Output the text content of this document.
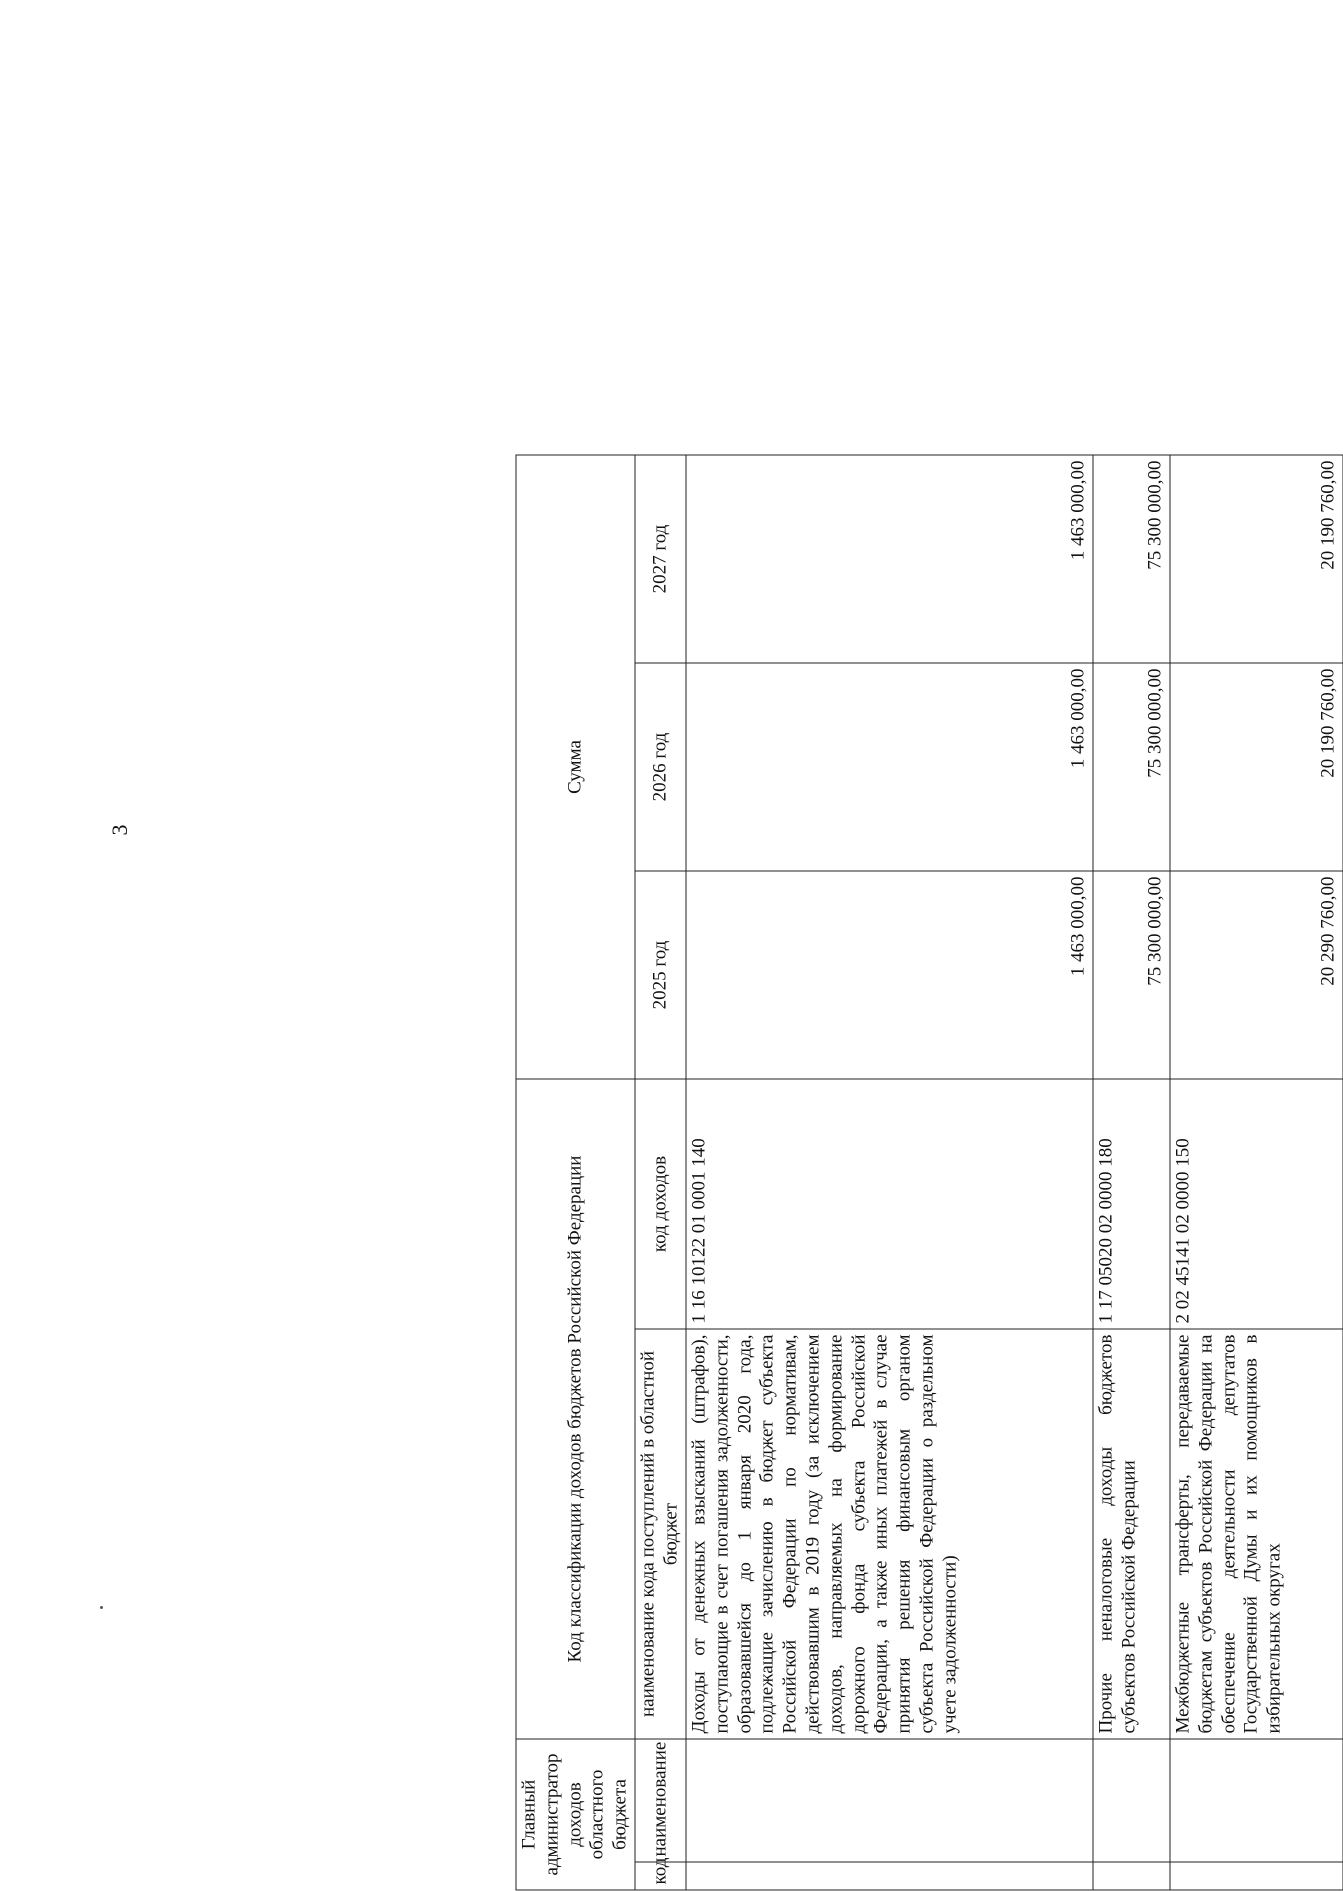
3
Главный администратор доходов областного бюджета		Код классификации доходов бюджетов Российской Федерации		Сумма		
код	наименование	наименование кода поступлений в областной бюджет	код доходов	2025 год	2026 год	2027 год
		Доходы от денежных взысканий (штрафов), поступающие в счет погашения задолженности, образовавшейся до 1 января 2020 года, подлежащие зачислению в бюджет субъекта Российской Федерации по нормативам, действовавшим в 2019 году (за исключением доходов, направляемых на формирование дорожного фонда субъекта Российской Федерации, а также иных платежей в случае принятия решения финансовым органом субъекта Российской Федерации о раздельном учете задолженности)	1 16 10122 01 0001 140	1 463 000,00	1 463 000,00	1 463 000,00
		Прочие неналоговые доходы бюджетов субъектов Российской Федерации	1 17 05020 02 0000 180	75 300 000,00	75 300 000,00	75 300 000,00
		Межбюджетные трансферты, передаваемые бюджетам субъектов Российской Федерации на обеспечение деятельности депутатов Государственной Думы и их помощников в избирательных округах	2 02 45141 02 0000 150	20 290 760,00	20 190 760,00	20 190 760,00
